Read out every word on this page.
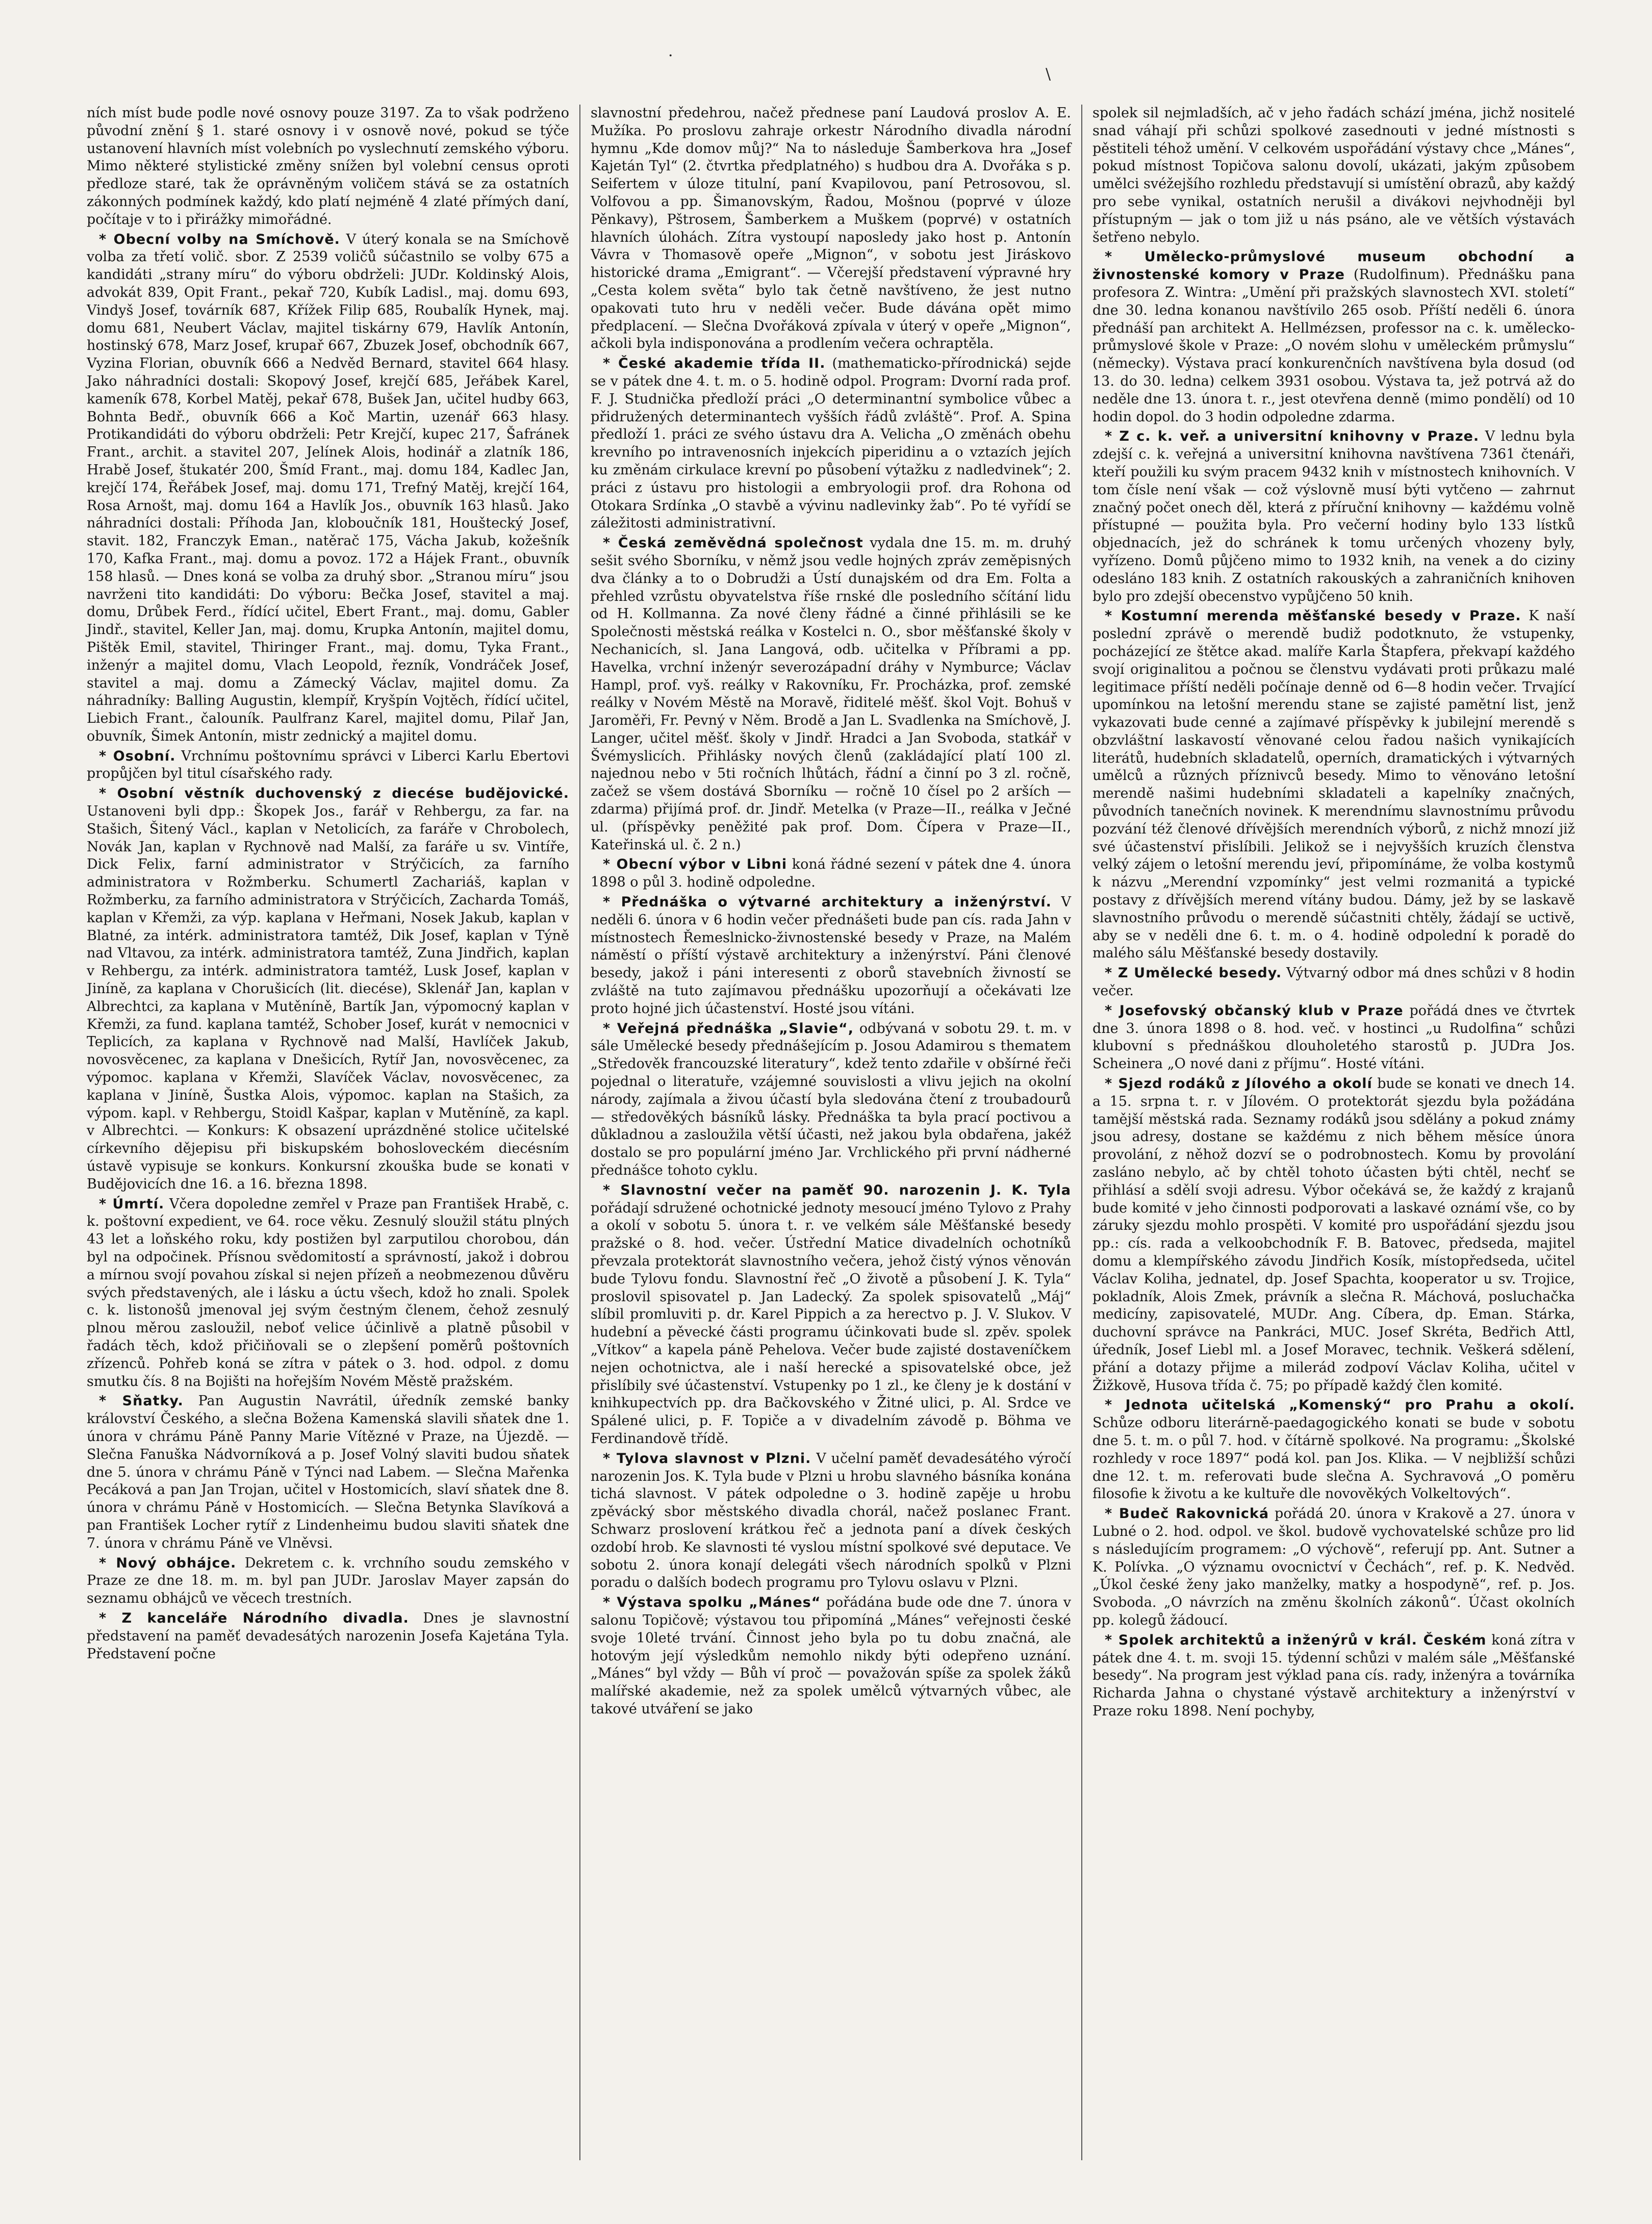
·
\

ních míst bude podle nové osnovy pouze 3197. Za to však podrženo původní znění § 1. staré osnovy i v osnově nové, pokud se týče ustanovení hlavních míst volebních po vyslechnutí zemského výboru. Mimo některé stylistické změny snížen byl volební census oproti předloze staré, tak že oprávněným voličem stává se za ostatních zákonných podmínek každý, kdo platí nejméně 4 zlaté přímých daní, počítaje v to i přirážky mimořádné.

* Obecní volby na Smíchově. V úterý konala se na Smíchově volba za třetí volič. sbor. Z 2539 voličů súčastnilo se volby 675 a kandidáti „strany míru“ do výboru obdrželi: JUDr. Koldinský Alois, advokát 839, Opit Frant., pekař 720, Kubík Ladisl., maj. domu 693, Vindyš Josef, továrník 687, Křížek Filip 685, Roubalík Hynek, maj. domu 681, Neubert Václav, majitel tiskárny 679, Havlík Antonín, hostinský 678, Marz Josef, krupař 667, Zbuzek Josef, obchodník 667, Vyzina Florian, obuvník 666 a Nedvěd Bernard, stavitel 664 hlasy. Jako náhradníci dostali: Skopový Josef, krejčí 685, Jeřábek Karel, kameník 678, Korbel Matěj, pekař 678, Bušek Jan, učitel hudby 663, Bohnta Bedř., obuvník 666 a Koč Martin, uzenář 663 hlasy. Protikandidáti do výboru obdrželi: Petr Krejčí, kupec 217, Šafránek Frant., archit. a stavitel 207, Jelínek Alois, hodinář a zlatník 186, Hrabě Josef, štukatér 200, Šmíd Frant., maj. domu 184, Kadlec Jan, krejčí 174, Řeřábek Josef, maj. domu 171, Trefný Matěj, krejčí 164, Rosa Arnošt, maj. domu 164 a Havlík Jos., obuvník 163 hlasů. Jako náhradníci dostali: Příhoda Jan, kloboučník 181, Houštecký Josef, stavit. 182, Franczyk Eman., natěrač 175, Vácha Jakub, kožešník 170, Kafka Frant., maj. domu a povoz. 172 a Hájek Frant., obuvník 158 hlasů. — Dnes koná se volba za druhý sbor. „Stranou míru“ jsou navrženi tito kandidáti: Do výboru: Bečka Josef, stavitel a maj. domu, Drůbek Ferd., řídící učitel, Ebert Frant., maj. domu, Gabler Jindř., stavitel, Keller Jan, maj. domu, Krupka Antonín, majitel domu, Pištěk Emil, stavitel, Thiringer Frant., maj. domu, Tyka Frant., inženýr a majitel domu, Vlach Leopold, řezník, Vondráček Josef, stavitel a maj. domu a Zámecký Václav, majitel domu. Za náhradníky: Balling Augustin, klempíř, Kryšpín Vojtěch, řídící učitel, Liebich Frant., čalouník. Paulfranz Karel, majitel domu, Pilař Jan, obuvník, Šimek Antonín, mistr zednický a majitel domu.

* Osobní. Vrchnímu poštovnímu správci v Liberci Karlu Ebertovi propůjčen byl titul císařského rady.

* Osobní věstník duchovenský z diecése budějovické. Ustanoveni byli dpp.: Škopek Jos., farář v Rehbergu, za far. na Stašich, Šitený Václ., kaplan v Netolicích, za faráře v Chrobolech, Novák Jan, kaplan v Rychnově nad Malší, za faráře u sv. Vintíře, Dick Felix, farní administrator v Strýčicích, za farního administratora v Rožmberku. Schumertl Zachariáš, kaplan v Rožmberku, za farního administratora v Strýčicích, Zacharda Tomáš, kaplan v Křemži, za výp. kaplana v Heřmani, Nosek Jakub, kaplan v Blatné, za intérk. administratora tamtéž, Dik Josef, kaplan v Týně nad Vltavou, za intérk. administratora tamtéž, Zuna Jindřich, kaplan v Rehbergu, za intérk. administratora tamtéž, Lusk Josef, kaplan v Jiníně, za kaplana v Chorušicích (lit. diecése), Sklenář Jan, kaplan v Albrechtci, za kaplana v Mutěníně, Bartík Jan, výpomocný kaplan v Křemži, za fund. kaplana tamtéž, Schober Josef, kurát v nemocnici v Teplicích, za kaplana v Rychnově nad Malší, Havlíček Jakub, novosvěcenec, za kaplana v Dnešicích, Rytíř Jan, novosvěcenec, za výpomoc. kaplana v Křemži, Slavíček Václav, novosvěcenec, za kaplana v Jiníně, Šustka Alois, výpomoc. kaplan na Stašich, za výpom. kapl. v Rehbergu, Stoidl Kašpar, kaplan v Mutěníně, za kapl. v Albrechtci. — Konkurs: K obsazení uprázdněné stolice učitelské církevního dějepisu při biskupském bohosloveckém diecésním ústavě vypisuje se konkurs. Konkursní zkouška bude se konati v Budějovicích dne 16. a 16. března 1898.

* Úmrtí. Včera dopoledne zemřel v Praze pan František Hrabě, c. k. poštovní expedient, ve 64. roce věku. Zesnulý sloužil státu plných 43 let a loňského roku, kdy postižen byl zarputilou chorobou, dán byl na odpočinek. Přísnou svědomitostí a správností, jakož i dobrou a mírnou svojí povahou získal si nejen přízeň a neobmezenou důvěru svých představených, ale i lásku a úctu všech, kdož ho znali. Spolek c. k. listonošů jmenoval jej svým čestným členem, čehož zesnulý plnou měrou zasloužil, neboť velice účinlivě a platně působil v řadách těch, kdož přičiňovali se o zlepšení poměrů poštovních zřízenců. Pohřeb koná se zítra v pátek o 3. hod. odpol. z domu smutku čís. 8 na Bojišti na hořejším Novém Městě pražském.

* Sňatky. Pan Augustin Navrátil, úředník zemské banky království Českého, a slečna Božena Kamenská slavili sňatek dne 1. února v chrámu Páně Panny Marie Vítězné v Praze, na Újezdě. — Slečna Fanuška Nádvorníková a p. Josef Volný slaviti budou sňatek dne 5. února v chrámu Páně v Týnci nad Labem. — Slečna Mařenka Pecáková a pan Jan Trojan, učitel v Hostomicích, slaví sňatek dne 8. února v chrámu Páně v Hostomicích. — Slečna Betynka Slavíková a pan František Locher rytíř z Lindenheimu budou slaviti sňatek dne 7. února v chrámu Páně ve Vlněvsi.

* Nový obhájce. Dekretem c. k. vrchního soudu zemského v Praze ze dne 18. m. m. byl pan JUDr. Jaroslav Mayer zapsán do seznamu obhájců ve věcech trestních.

* Z kanceláře Národního divadla. Dnes je slavnostní představení na paměť devadesátých narozenin Josefa Kajetána Tyla. Představení počne

slavnostní předehrou, načež přednese paní Laudová proslov A. E. Mužíka. Po proslovu zahraje orkestr Národního divadla národní hymnu „Kde domov můj?“ Na to následuje Šamberkova hra „Josef Kajetán Tyl“ (2. čtvrtka předplatného) s hudbou dra A. Dvořáka s p. Seifertem v úloze titulní, paní Kvapilovou, paní Petrosovou, sl. Volfovou a pp. Šimanovským, Řadou, Mošnou (poprvé v úloze Pěnkavy), Pštrosem, Šamberkem a Muškem (poprvé) v ostatních hlavních úlohách. Zítra vystoupí naposledy jako host p. Antonín Vávra v Thomasově opeře „Mignon“, v sobotu jest Jiráskovo historické drama „Emigrant“. — Včerejší představení výpravné hry „Cesta kolem světa“ bylo tak četně navštíveno, že jest nutno opakovati tuto hru v neděli večer. Bude dávána opět mimo předplacení. — Slečna Dvořáková zpívala v úterý v opeře „Mignon“, ačkoli byla indisponována a prodlením večera ochraptěla.

* České akademie třída II. (mathematicko-přírodnická) sejde se v pátek dne 4. t. m. o 5. hodině odpol. Program: Dvorní rada prof. F. J. Studnička předloží práci „O determinantní symbolice vůbec a přidružených determinantech vyšších řádů zvláště“. Prof. A. Spina předloží 1. práci ze svého ústavu dra A. Velicha „O změnách obehu krevního po intravenosních injekcích piperidinu a o vztazích jejích ku změnám cirkulace krevní po působení výtažku z nadledvinek“; 2. práci z ústavu pro histologii a embryologii prof. dra Rohona od Otokara Srdínka „O stavbě a vývinu nadlevinky žab“. Po té vyřídí se záležitosti administrativní.

* Česká zeměvědná společnost vydala dne 15. m. m. druhý sešit svého Sborníku, v němž jsou vedle hojných zpráv zeměpisných dva články a to o Dobrudži a Ústí dunajském od dra Em. Folta a přehled vzrůstu obyvatelstva říše rnské dle posledního sčítání lidu od H. Kollmanna. Za nové členy řádné a činné přihlásili se ke Společnosti městská reálka v Kostelci n. O., sbor měšťanské školy v Nechanicích, sl. Jana Langová, odb. učitelka v Příbrami a pp. Havelka, vrchní inženýr severozápadní dráhy v Nymburce; Václav Hampl, prof. vyš. reálky v Rakovníku, Fr. Procházka, prof. zemské reálky v Novém Městě na Moravě, řiditelé měšť. škol Vojt. Bohuš v Jaroměři, Fr. Pevný v Něm. Brodě a Jan L. Svadlenka na Smíchově, J. Langer, učitel měšť. školy v Jindř. Hradci a Jan Svoboda, statkář v Švémyslicích. Přihlásky nových členů (zakládající platí 100 zl. najednou nebo v 5ti ročních lhůtách, řádní a činní po 3 zl. ročně, začež se všem dostává Sborníku — ročně 10 čísel po 2 arších — zdarma) přijímá prof. dr. Jindř. Metelka (v Praze—II., reálka v Ječné ul. (příspěvky peněžité pak prof. Dom. Čípera v Praze—II., Kateřinská ul. č. 2 n.)

* Obecní výbor v Libni koná řádné sezení v pátek dne 4. února 1898 o půl 3. hodině odpoledne.

* Přednáška o výtvarné architektury a inženýrství. V neděli 6. února v 6 hodin večer přednášeti bude pan cís. rada Jahn v místnostech Řemeslnicko-živnostenské besedy v Praze, na Malém náměstí o příští výstavě architektury a inženýrství. Páni členové besedy, jakož i páni interesenti z oborů stavebních živností se zvláště na tuto zajímavou přednášku upozorňují a očekávati lze proto hojné jich účastenství. Hosté jsou vítáni.

* Veřejná přednáška „Slavie“, odbývaná v sobotu 29. t. m. v sále Umělecké besedy přednášejícím p. Josou Adamirou s thematem „Středověk francouzské literatury“, kdež tento zdařile v obšírné řeči pojednal o literatuře, vzájemné souvislosti a vlivu jejich na okolní národy, zajímala a živou účastí byla sledována čtení z troubadourů — středověkých básníků lásky. Přednáška ta byla prací poctivou a důkladnou a zasloužila větší účasti, než jakou byla obdařena, jakéž dostalo se pro populární jméno Jar. Vrchlického při první nádherné přednášce tohoto cyklu.

* Slavnostní večer na paměť 90. narozenin J. K. Tyla pořádají sdružené ochotnické jednoty mesoucí jméno Tylovo z Prahy a okolí v sobotu 5. února t. r. ve velkém sále Měšťanské besedy pražské o 8. hod. večer. Ústřední Matice divadelních ochotníků převzala protektorát slavnostního večera, jehož čistý výnos věnován bude Tylovu fondu. Slavnostní řeč „O životě a působení J. K. Tyla“ proslovil spisovatel p. Jan Ladecký. Za spolek spisovatelů „Máj“ slíbil promluviti p. dr. Karel Pippich a za herectvo p. J. V. Slukov. V hudební a pěvecké části programu účinkovati bude sl. zpěv. spolek „Vítkov“ a kapela páně Pehelova. Večer bude zajisté dostaveníčkem nejen ochotnictva, ale i naší herecké a spisovatelské obce, jež přislíbily své účastenství. Vstupenky po 1 zl., ke členy je k dostání v knihkupectvích pp. dra Bačkovského v Žitné ulici, p. Al. Srdce ve Spálené ulici, p. F. Topiče a v divadelním závodě p. Böhma ve Ferdinandově třídě.

* Tylova slavnost v Plzni. V učelní paměť devadesátého výročí narozenin Jos. K. Tyla bude v Plzni u hrobu slavného básníka konána tichá slavnost. V pátek odpoledne o 3. hodině zapěje u hrobu zpěvácký sbor městského divadla chorál, načež poslanec Frant. Schwarz proslovení krátkou řeč a jednota paní a dívek českých ozdobí hrob. Ke slavnosti té vyslou místní spolkové své deputace. Ve sobotu 2. února konají delegáti všech národních spolků v Plzni poradu o dalších bodech programu pro Tylovu oslavu v Plzni.

* Výstava spolku „Mánes“ pořádána bude ode dne 7. února v salonu Topičově; výstavou tou připomíná „Mánes“ veřejnosti české svoje 10leté trvání. Činnost jeho byla po tu dobu značná, ale hotovým její výsledkům nemohlo nikdy býti odepřeno uznání. „Mánes“ byl vždy — Bůh ví proč — považován spíše za spolek žáků malířské akademie, než za spolek umělců výtvarných vůbec, ale takové utváření se jako

spolek sil nejmladších, ač v jeho řadách schází jména, jichž nositelé snad váhají při schůzi spolkové zasednouti v jedné místnosti s pěstiteli téhož umění. V celkovém uspořádání výstavy chce „Mánes“, pokud místnost Topičova salonu dovolí, ukázati, jakým způsobem umělci svéžejšího rozhledu představují si umístění obrazů, aby každý pro sebe vynikal, ostatních nerušil a divákovi nejvhodněji byl přístupným — jak o tom již u nás psáno, ale ve větších výstavách šetřeno nebylo.

* Umělecko-průmyslové museum obchodní a živnostenské komory v Praze (Rudolfinum). Přednášku pana profesora Z. Wintra: „Umění při pražských slavnostech XVI. století“ dne 30. ledna konanou navštívilo 265 osob. Příští neděli 6. února přednáší pan architekt A. Hellmézsen, professor na c. k. umělecko-průmyslové škole v Praze: „O novém slohu v uměleckém průmyslu“ (německy). Výstava prací konkurenčních navštívena byla dosud (od 13. do 30. ledna) celkem 3931 osobou. Výstava ta, jež potrvá až do neděle dne 13. února t. r., jest otevřena denně (mimo pondělí) od 10 hodin dopol. do 3 hodin odpoledne zdarma.

* Z c. k. veř. a universitní knihovny v Praze. V lednu byla zdejší c. k. veřejná a universitní knihovna navštívena 7361 čtenáři, kteří použili ku svým pracem 9432 knih v místnostech knihovních. V tom čísle není však — což výslovně musí býti vytčeno — zahrnut značný počet onech děl, která z příruční knihovny — každému volně přístupné — použita byla. Pro večerní hodiny bylo 133 lístků objednacích, jež do schránek k tomu určených vhozeny byly, vyřízeno. Domů půjčeno mimo to 1932 knih, na venek a do ciziny odesláno 183 knih. Z ostatních rakouských a zahraničních knihoven bylo pro zdejší obecenstvo vypůjčeno 50 knih.

* Kostumní merenda měšťanské besedy v Praze. K naší poslední zprávě o merendě budiž podotknuto, že vstupenky, pocházející ze štětce akad. malíře Karla Štapfera, překvapí každého svojí originalitou a počnou se členstvu vydávati proti průkazu malé legitimace příští neděli počínaje denně od 6—8 hodin večer. Trvající upomínkou na letošní merendu stane se zajisté pamětní list, jenž vykazovati bude cenné a zajímavé příspěvky k jubilejní merendě s obzvláštní laskavostí věnované celou řadou našich vynikajících literátů, hudebních skladatelů, operních, dramatických i výtvarných umělců a různých příznivců besedy. Mimo to věnováno letošní merendě našimi hudebními skladateli a kapelníky značných, původních tanečních novinek. K merendnímu slavnostnímu průvodu pozvání též členové dřívějších merendních výborů, z nichž mnozí již své účastenství přislíbili. Jelikož se i nejvyšších kruzích členstva velký zájem o letošní merendu jeví, připomínáme, že volba kostymů k názvu „Merendní vzpomínky“ jest velmi rozmanitá a typické postavy z dřívějších merend vítány budou. Dámy, jež by se laskavě slavnostního průvodu o merendě súčastniti chtěly, žádají se uctivě, aby se v neděli dne 6. t. m. o 4. hodině odpolední k poradě do malého sálu Měšťanské besedy dostavily.

* Z Umělecké besedy. Výtvarný odbor má dnes schůzi v 8 hodin večer.

* Josefovský občanský klub v Praze pořádá dnes ve čtvrtek dne 3. února 1898 o 8. hod. več. v hostinci „u Rudolfina“ schůzi klubovní s přednáškou dlouholetého starostů p. JUDra Jos. Scheinera „O nové dani z příjmu“. Hosté vítáni.

* Sjezd rodáků z Jílového a okolí bude se konati ve dnech 14. a 15. srpna t. r. v Jílovém. O protektorát sjezdu byla požádána tamější městská rada. Seznamy rodáků jsou sdělány a pokud známy jsou adresy, dostane se každému z nich během měsíce února provolání, z něhož dozví se o podrobnostech. Komu by provolání zasláno nebylo, ač by chtěl tohoto účasten býti chtěl, nechť se přihlásí a sdělí svoji adresu. Výbor očekává se, že každý z krajanů bude komité v jeho činnosti podporovati a laskavé oznámí vše, co by záruky sjezdu mohlo prospěti. V komité pro uspořádání sjezdu jsou pp.: cís. rada a velkoobchodník F. B. Batovec, předseda, majitel domu a klempířského závodu Jindřich Kosík, místopředseda, učitel Václav Koliha, jednatel, dp. Josef Spachta, kooperator u sv. Trojice, pokladník, Alois Zmek, právník a slečna R. Máchová, posluchačka medicíny, zapisovatelé, MUDr. Ang. Cíbera, dp. Eman. Stárka, duchovní správce na Pankráci, MUC. Josef Skréta, Bedřich Attl, úředník, Josef Liebl ml. a Josef Moravec, technik. Veškerá sdělení, přání a dotazy přijme a milerád zodpoví Václav Koliha, učitel v Žižkově, Husova třída č. 75; po případě každý člen komité.

* Jednota učitelská „Komenský“ pro Prahu a okolí. Schůze odboru literárně-paedagogického konati se bude v sobotu dne 5. t. m. o půl 7. hod. v čítárně spolkové. Na programu: „Školské rozhledy v roce 1897“ podá kol. pan Jos. Klika. — V nejbližší schůzi dne 12. t. m. referovati bude slečna A. Sychravová „O poměru filosofie k životu a ke kultuře dle novověkých Volkeltových“.

* Budeč Rakovnická pořádá 20. února v Krakově a 27. února v Lubné o 2. hod. odpol. ve škol. budově vychovatelské schůze pro lid s následujícím programem: „O výchově“, referují pp. Ant. Sutner a K. Polívka. „O významu ovocnictví v Čechách“, ref. p. K. Nedvěd. „Úkol české ženy jako manželky, matky a hospodyně“, ref. p. Jos. Svoboda. „O návrzích na změnu školních zákonů“. Účast okolních pp. kolegů žádoucí.

* Spolek architektů a inženýrů v král. Českém koná zítra v pátek dne 4. t. m. svoji 15. týdenní schůzi v malém sále „Měšťanské besedy“. Na program jest výklad pana cís. rady, inženýra a továrníka Richarda Jahna o chystané výstavě architektury a inženýrství v Praze roku 1898. Není pochyby,
